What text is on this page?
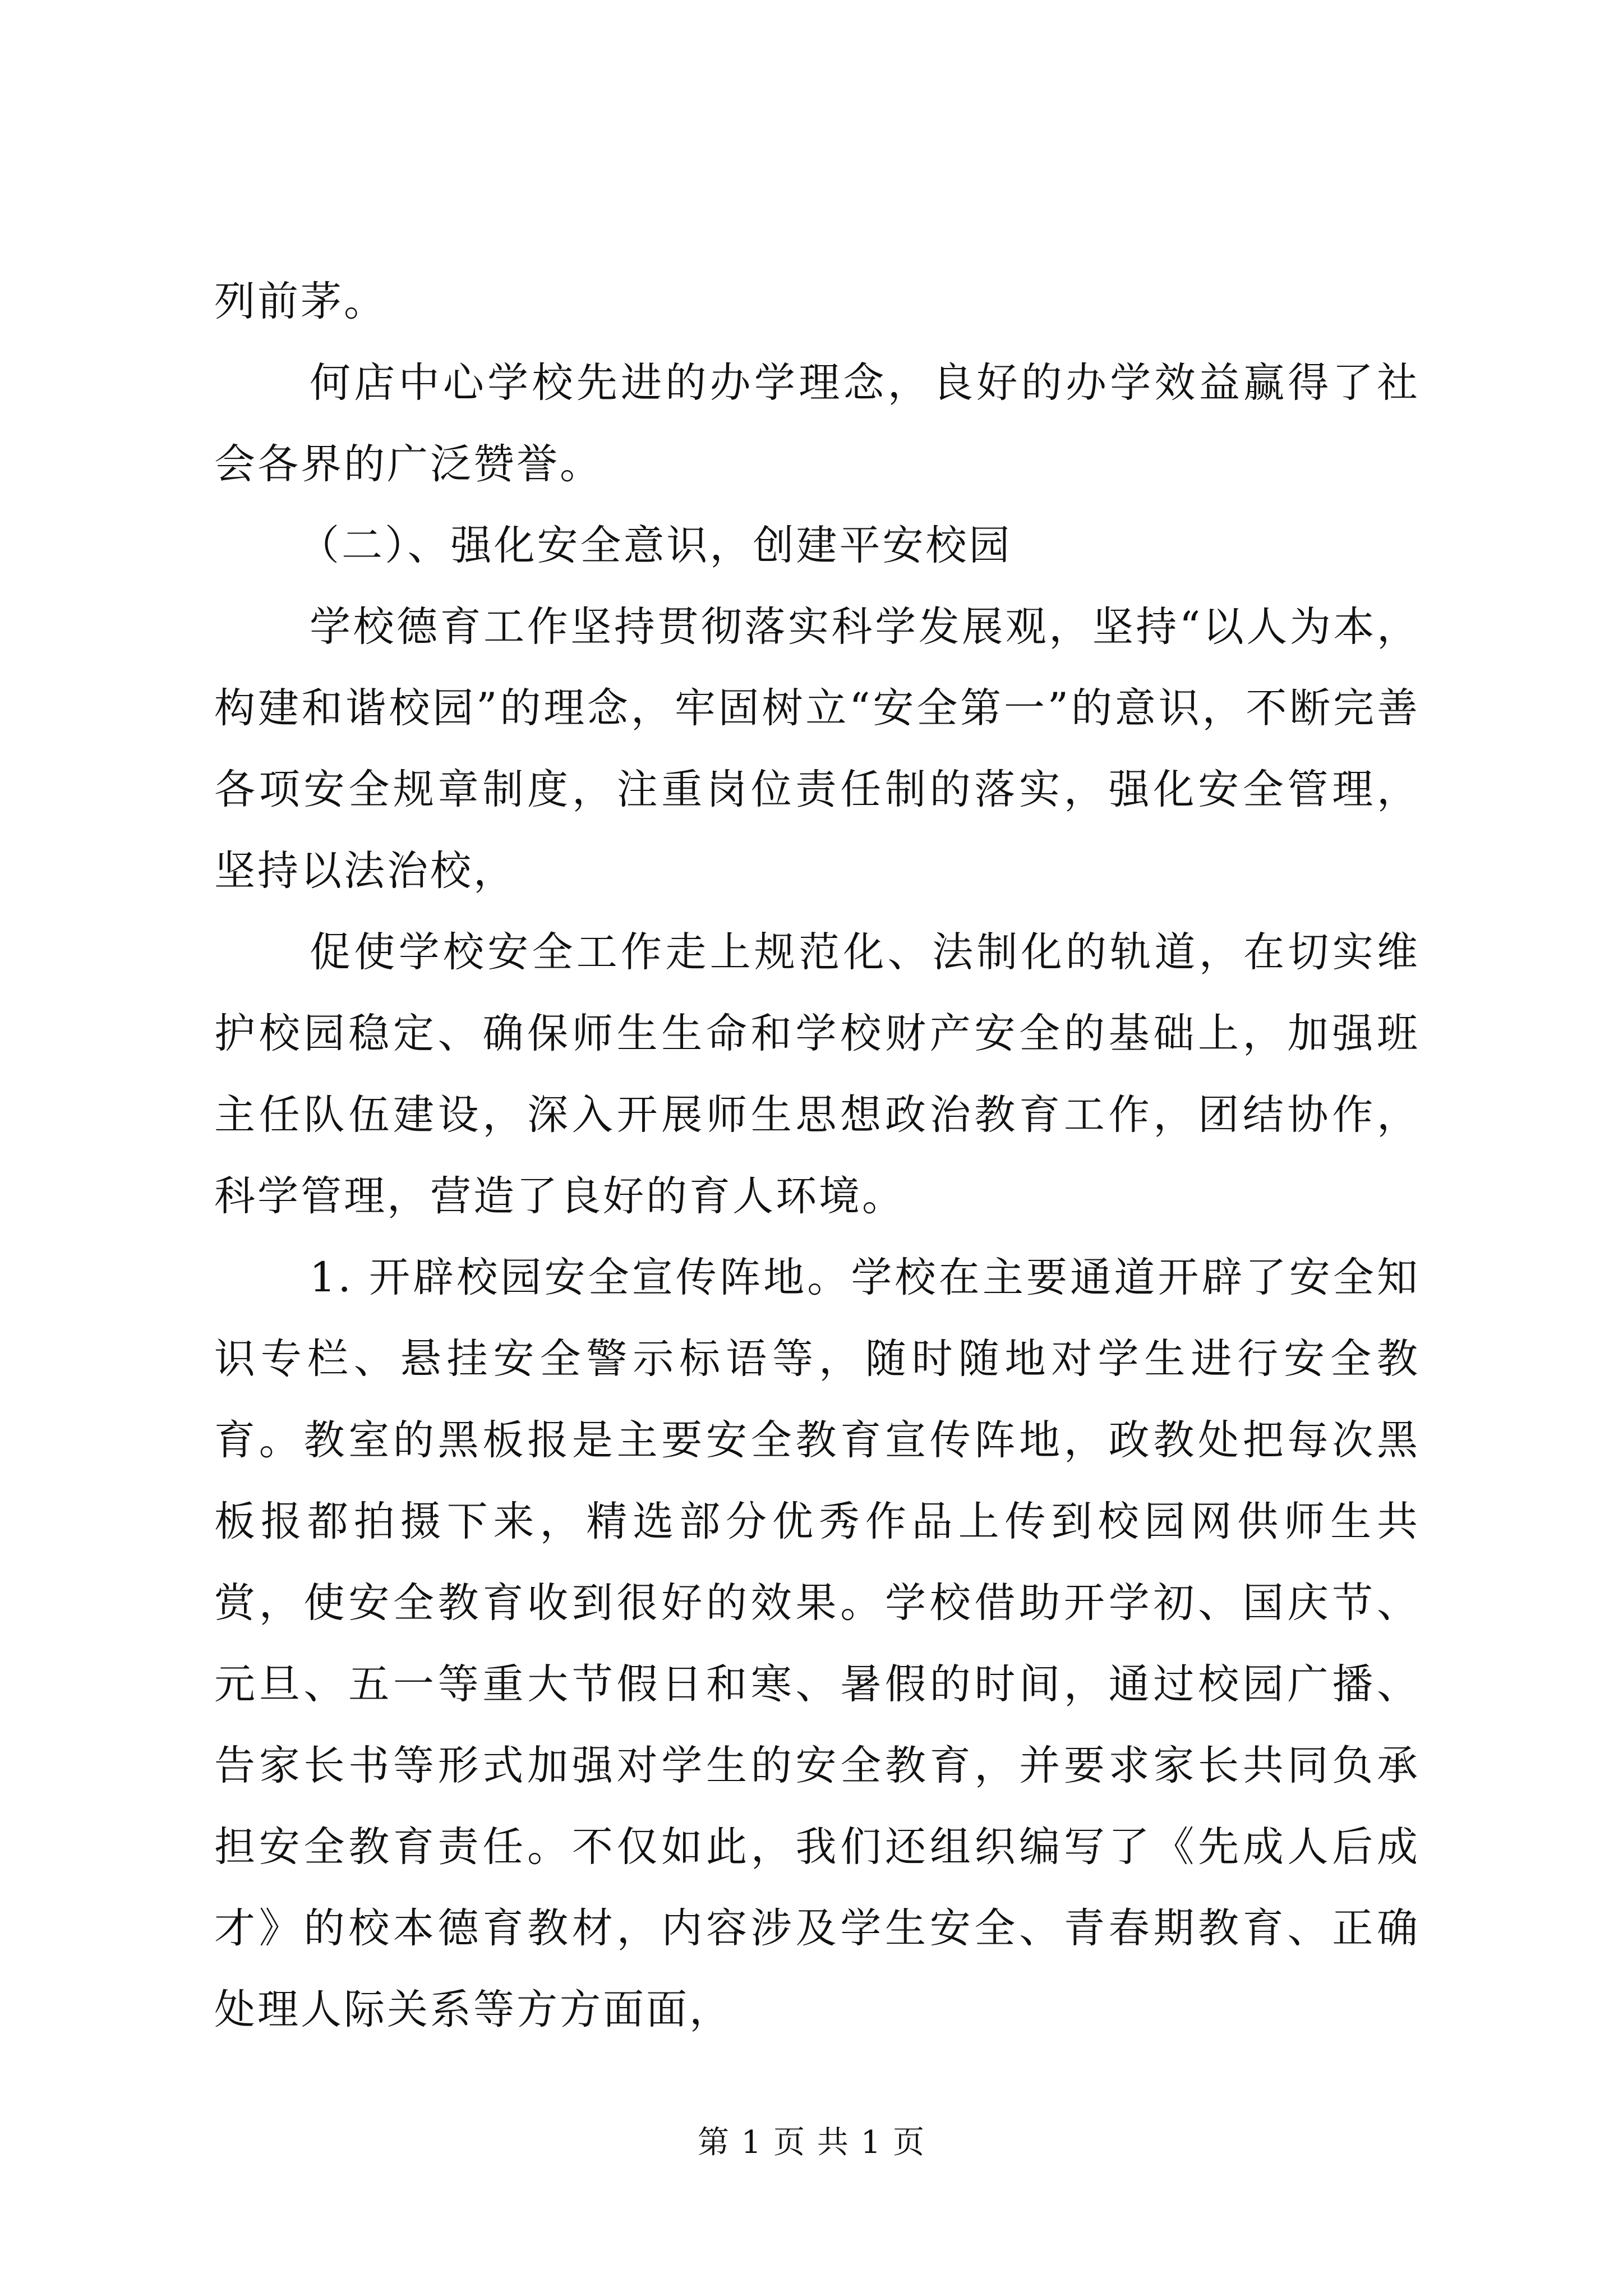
列前茅。

何店中心学校先进的办学理念，良好的办学效益赢得了社会各界的广泛赞誉。

（二）、强化安全意识，创建平安校园

学校德育工作坚持贯彻落实科学发展观，坚持“以人为本，构建和谐校园”的理念，牢固树立“安全第一”的意识，不断完善各项安全规章制度，注重岗位责任制的落实，强化安全管理，坚持以法治校，

促使学校安全工作走上规范化、法制化的轨道，在切实维护校园稳定、确保师生生命和学校财产安全的基础上，加强班主任队伍建设，深入开展师生思想政治教育工作，团结协作，科学管理，营造了良好的育人环境。

1. 开辟校园安全宣传阵地。学校在主要通道开辟了安全知识专栏、悬挂安全警示标语等，随时随地对学生进行安全教育。教室的黑板报是主要安全教育宣传阵地，政教处把每次黑板报都拍摄下来，精选部分优秀作品上传到校园网供师生共赏，使安全教育收到很好的效果。学校借助开学初、国庆节、元旦、五一等重大节假日和寒、暑假的时间，通过校园广播、告家长书等形式加强对学生的安全教育，并要求家长共同负承担安全教育责任。不仅如此，我们还组织编写了《先成人后成才》的校本德育教材，内容涉及学生安全、青春期教育、正确处理人际关系等方方面面，

第 1 页 共 1 页
